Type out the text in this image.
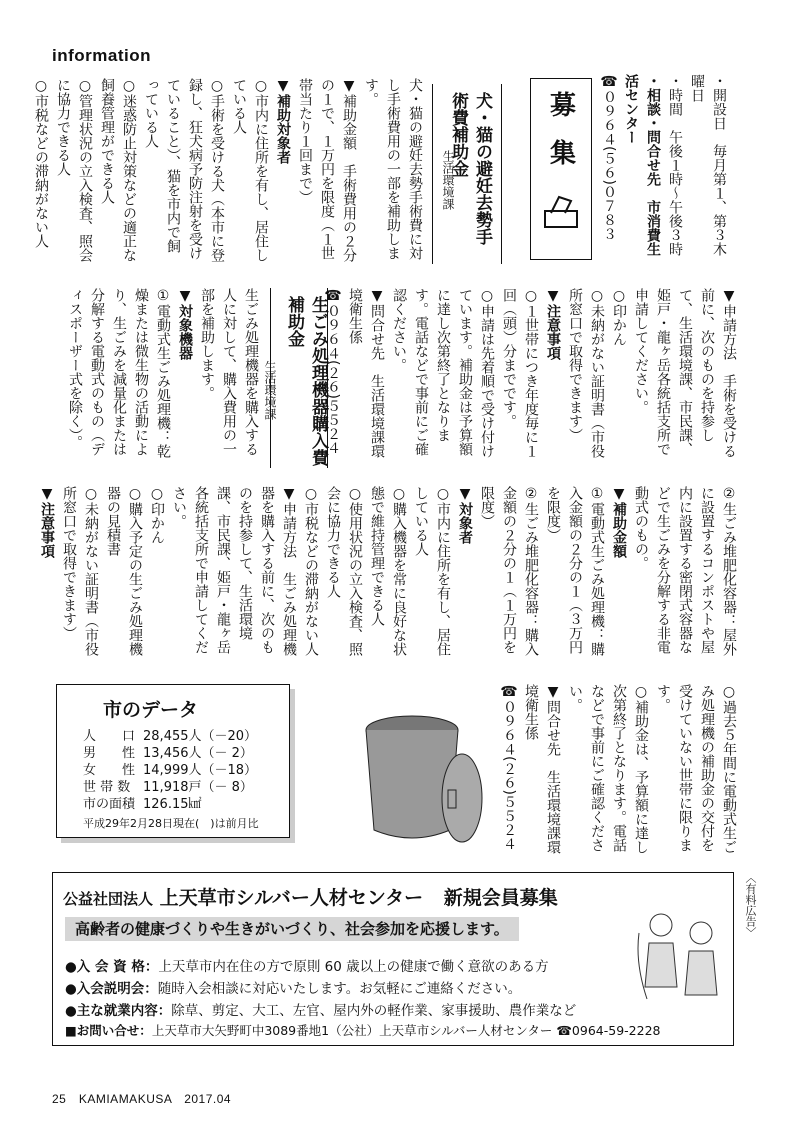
information
募集	・開設日　毎月第１、第３木曜日

・時間　午後１時〜午後３時

・相談・問合せ先　市消費生活センター

☎０９６４(５６)０７８３

犬・猫の避妊去勢手術費補助金
生活環境課

犬・猫の避妊去勢手術費に対し手術費用の一部を補助します。

▼補助金額　手術費用の２分の１で、１万円を限度（１世帯当たり１回まで）

▼補助対象者

○市内に住所を有し、居住している人

○手術を受ける犬（本市に登録し、狂犬病予防注射を受けていること）、猫を市内で飼っている人

○迷惑防止対策などの適正な飼養管理ができる人

○管理状況の立入検査、照会に協力できる人

○市税などの滞納がない人

▼申請方法　手術を受ける前に、次のものを持参して、生活環境課、市民課、姫戸・龍ヶ岳各統括支所で申請してください。

○印かん

○未納がない証明書（市役所窓口で取得できます）

▼注意事項

○１世帯につき年度毎に１回（頭）分までです。

○申請は先着順で受け付けています。補助金は予算額に達し次第終了となります。電話などで事前にご確認ください。

▼問合せ先　生活環境課環境衛生係

☎０９６４(２６)５５２４

生ごみ処理機器購入費補助金
生活環境課

生ごみ処理機器を購入する人に対して、購入費用の一部を補助します。

▼対象機器

①電動式生ごみ処理機：乾燥または微生物の活動により、生ごみを減量化または分解する電動式のもの（ディスポーザー式を除く）。

②生ごみ堆肥化容器：屋外に設置するコンポストや屋内に設置する密閉式容器などで生ごみを分解する非電動式のもの。

▼補助金額

①電動式生ごみ処理機：購入金額の２分の１（３万円を限度）

②生ごみ堆肥化容器：購入金額の２分の１（１万円を限度）

▼対象者

○市内に住所を有し、居住している人

○購入機器を常に良好な状態で維持管理できる人

○使用状況の立入検査、照会に協力できる人

○市税などの滞納がない人

▼申請方法　生ごみ処理機器を購入する前に、次のものを持参して、生活環境課、市民課、姫戸・龍ヶ岳各統括支所で申請してください。

○印かん

○購入予定の生ごみ処理機器の見積書

○未納がない証明書（市役所窓口で取得できます）

▼注意事項

○過去５年間に電動式生ごみ処理機の補助金の交付を受けていない世帯に限ります。

○補助金は、予算額に達し次第終了となります。電話などで事前にご確認ください。

▼問合せ先　生活環境課環境衛生係

☎０９６４(２６)５５２４

市のデータ
人　　口	28,455人（－20）
男　　性	13,456人（－ 2）
女　　性	14,999人（－18）
世 帯 数	11,918戸（－ 8）
市の面積	126.15㎢
平成29年2月28日現在(　)は前月比
公益社団法人 上天草市シルバー人材センター 新規会員募集
高齢者の健康づくりや生きがいづくり、社会参加を応援します。
●入 会 資 格：上天草市内在住の方で原則 60 歳以上の健康で働く意欲のある方
●入会説明会：随時入会相談に対応いたします。お気軽にご連絡ください。
●主な就業内容：除草、剪定、大工、左官、屋内外の軽作業、家事援助、農作業など
■お問い合せ：上天草市大矢野町中3089番地1（公社）上天草市シルバー人材センター ☎0964-59-2228
〈有料広告〉
25　KAMIAMAKUSA　2017.04
